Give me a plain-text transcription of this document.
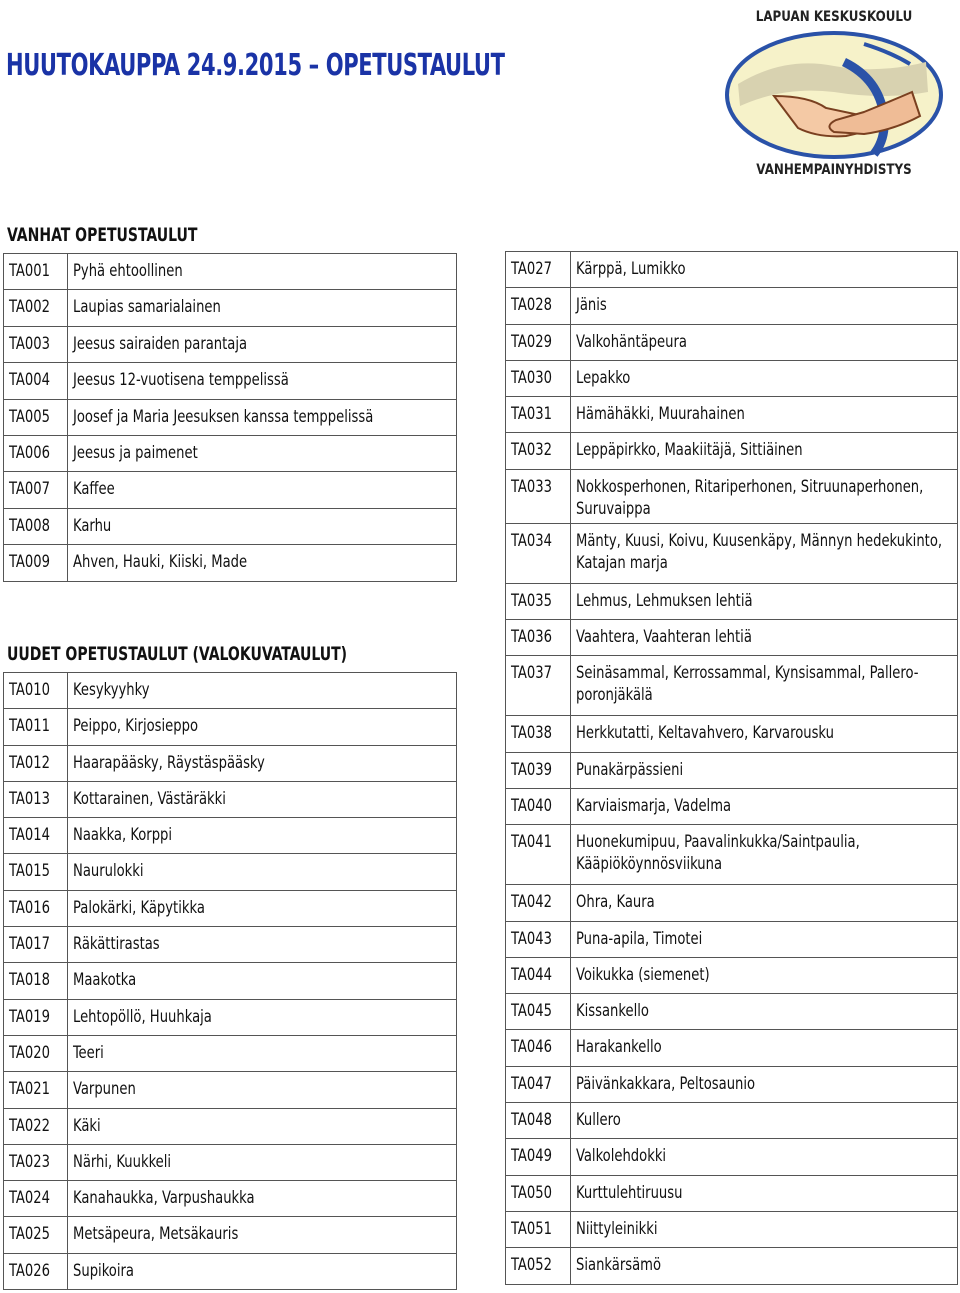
HUUTOKAUPPA 24.9.2015 – OPETUSTAULUT
LAPUAN KESKUSKOULU
VANHEMPAINYHDISTYS
VANHAT OPETUSTAULUT
TA001	Pyhä ehtoollinen
TA002	Laupias samarialainen
TA003	Jeesus sairaiden parantaja
TA004	Jeesus 12-vuotisena temppelissä
TA005	Joosef ja Maria Jeesuksen kanssa temppelissä
TA006	Jeesus ja paimenet
TA007	Kaffee
TA008	Karhu
TA009	Ahven, Hauki, Kiiski, Made
UUDET OPETUSTAULUT (VALOKUVATAULUT)
TA010	Kesykyyhky
TA011	Peippo, Kirjosieppo
TA012	Haarapääsky, Räystäspääsky
TA013	Kottarainen, Västäräkki
TA014	Naakka, Korppi
TA015	Naurulokki
TA016	Palokärki, Käpytikka
TA017	Räkättirastas
TA018	Maakotka
TA019	Lehtopöllö, Huuhkaja
TA020	Teeri
TA021	Varpunen
TA022	Käki
TA023	Närhi, Kuukkeli
TA024	Kanahaukka, Varpushaukka
TA025	Metsäpeura, Metsäkauris
TA026	Supikoira
TA027	Kärppä, Lumikko
TA028	Jänis
TA029	Valkohäntäpeura
TA030	Lepakko
TA031	Hämähäkki, Muurahainen
TA032	Leppäpirkko, Maakiitäjä, Sittiäinen
TA033	Nokkosperhonen, Ritariperhonen, Sitruunaperhonen, Suruvaippa
TA034	Mänty, Kuusi, Koivu, Kuusenkäpy, Männyn hedekukinto, Katajan marja
TA035	Lehmus, Lehmuksen lehtiä
TA036	Vaahtera, Vaahteran lehtiä
TA037	Seinäsammal, Kerrossammal, Kynsisammal, Pallero-poronjäkälä
TA038	Herkkutatti, Keltavahvero, Karvarousku
TA039	Punakärpässieni
TA040	Karviaismarja, Vadelma
TA041	Huonekumipuu, Paavalinkukka/Saintpaulia, Kääpiököynnösviikuna
TA042	Ohra, Kaura
TA043	Puna-apila, Timotei
TA044	Voikukka (siemenet)
TA045	Kissankello
TA046	Harakankello
TA047	Päivänkakkara, Peltosaunio
TA048	Kullero
TA049	Valkolehdokki
TA050	Kurttulehtiruusu
TA051	Niittyleinikki
TA052	Siankärsämö
